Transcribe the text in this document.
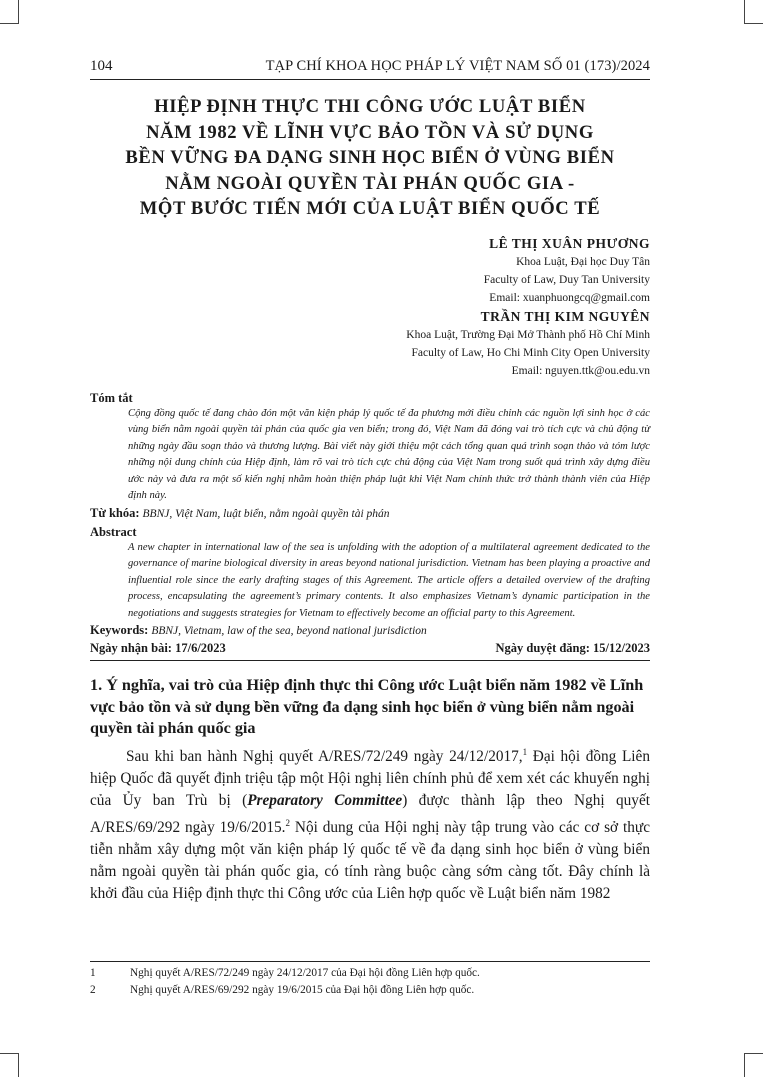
104	TẠP CHÍ KHOA HỌC PHÁP LÝ VIỆT NAM SỐ 01 (173)/2024
HIỆP ĐỊNH THỰC THI CÔNG ƯỚC LUẬT BIỂN
NĂM 1982 VỀ LĨNH VỰC BẢO TỒN VÀ SỬ DỤNG
BỀN VỮNG ĐA DẠNG SINH HỌC BIỂN Ở VÙNG BIỂN
NẰM NGOÀI QUYỀN TÀI PHÁN QUỐC GIA -
MỘT BƯỚC TIẾN MỚI CỦA LUẬT BIỂN QUỐC TẾ
LÊ THỊ XUÂN PHƯƠNG
Khoa Luật, Đại học Duy Tân
Faculty of Law, Duy Tan University
Email: xuanphuongcq@gmail.com
TRẦN THỊ KIM NGUYÊN
Khoa Luật, Trường Đại Mở Thành phố Hồ Chí Minh
Faculty of Law, Ho Chi Minh City Open University
Email: nguyen.ttk@ou.edu.vn
Tóm tắt
Cộng đồng quốc tế đang chào đón một văn kiện pháp lý quốc tế đa phương mới điều chỉnh các nguồn lợi sinh học ở các vùng biển nằm ngoài quyền tài phán của quốc gia ven biển; trong đó, Việt Nam đã đóng vai trò tích cực và chủ động từ những ngày đầu soạn thảo và thương lượng. Bài viết này giới thiệu một cách tổng quan quá trình soạn thảo và tóm lược những nội dung chính của Hiệp định, làm rõ vai trò tích cực chủ động của Việt Nam trong suốt quá trình xây dựng điều ước này và đưa ra một số kiến nghị nhằm hoàn thiện pháp luật khi Việt Nam chính thức trở thành thành viên của Hiệp định này.
Từ khóa: BBNJ, Việt Nam, luật biển, nằm ngoài quyền tài phán
Abstract
A new chapter in international law of the sea is unfolding with the adoption of a multilateral agreement dedicated to the governance of marine biological diversity in areas beyond national jurisdiction. Vietnam has been playing a proactive and influential role since the early drafting stages of this Agreement. The article offers a detailed overview of the drafting process, encapsulating the agreement’s primary contents. It also emphasizes Vietnam’s dynamic participation in the negotiations and suggests strategies for Vietnam to effectively become an official party to this Agreement.
Keywords: BBNJ, Vietnam, law of the sea, beyond national jurisdiction
Ngày nhận bài: 17/6/2023	Ngày duyệt đăng: 15/12/2023
1. Ý nghĩa, vai trò của Hiệp định thực thi Công ước Luật biển năm 1982 về Lĩnh vực bảo tồn và sử dụng bền vững đa dạng sinh học biển ở vùng biển nằm ngoài quyền tài phán quốc gia

Sau khi ban hành Nghị quyết A/RES/72/249 ngày 24/12/2017,$^1$ Đại hội đồng Liên hiệp Quốc đã quyết định triệu tập một Hội nghị liên chính phủ để xem xét các khuyến nghị của Ủy ban Trù bị (Preparatory Committee) được thành lập theo Nghị quyết A/RES/69/292 ngày 19/6/2015.$^2$ Nội dung của Hội nghị này tập trung vào các cơ sở thực tiễn nhằm xây dựng một văn kiện pháp lý quốc tế về đa dạng sinh học biển ở vùng biển nằm ngoài quyền tài phán quốc gia, có tính ràng buộc càng sớm càng tốt. Đây chính là khởi đầu của Hiệp định thực thi Công ước của Liên hợp quốc về Luật biển năm 1982

1	Nghị quyết A/RES/72/249 ngày 24/12/2017 của Đại hội đồng Liên hợp quốc.
2	Nghị quyết A/RES/69/292 ngày 19/6/2015 của Đại hội đồng Liên hợp quốc.
